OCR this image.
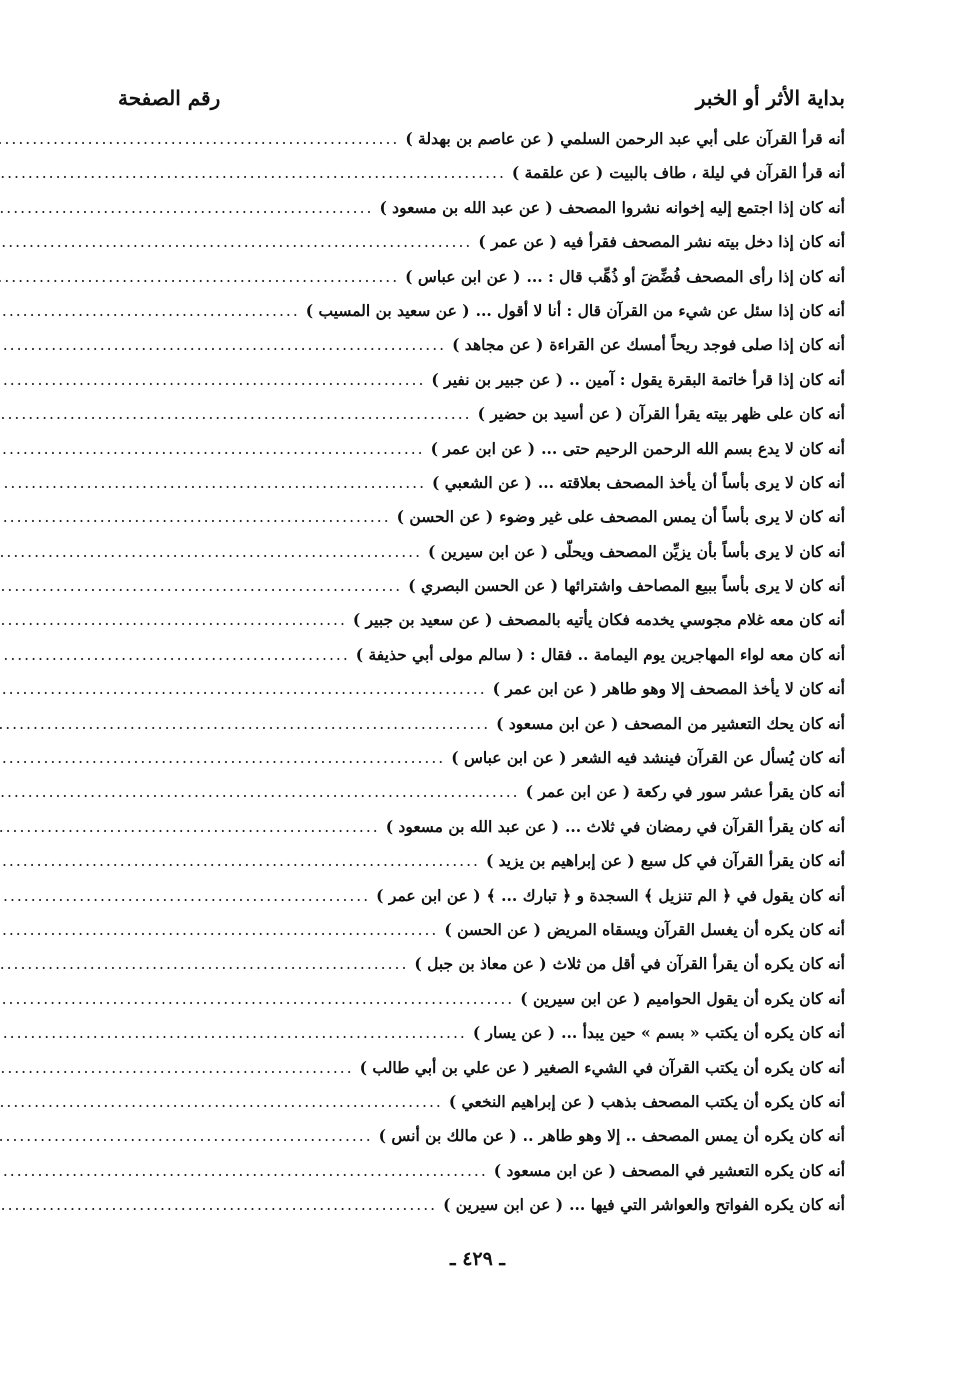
بداية الأثر أو الخبر
رقم الصفحة
أنه قرأ القرآن على أبي عبد الرحمن السلمي
( عن عاصم بن بهدلة )
.....
أنه قرأ القرآن في ليلة ، طاف بالبيت
( عن علقمة )
.....
أنه كان إذا اجتمع إليه إخوانه نشروا المصحف
( عن عبد الله بن مسعود )
.....
أنه كان إذا دخل بيته نشر المصحف فقرأ فيه
( عن عمر )
.....
أنه كان إذا رأى المصحف فُضِّضَ أو ذُهِّب قال : ...
( عن ابن عباس )
.....
أنه كان إذا سئل عن شيء من القرآن قال : أنا لا أقول ...
( عن سعيد بن المسيب )
.....
أنه كان إذا صلى فوجد ريحاً أمسك عن القراءة
( عن مجاهد )
.....
أنه كان إذا قرأ خاتمة البقرة يقول : آمين ..
( عن جبير بن نفير )
.....
أنه كان على ظهر بيته يقرأ القرآن
( عن أسيد بن حضير )
.....
أنه كان لا يدع بسم الله الرحمن الرحيم حتى ...
( عن ابن عمر )
.....
أنه كان لا يرى بأساً أن يأخذ المصحف بعلاقته ...
( عن الشعبي )
.....
أنه كان لا يرى بأساً أن يمس المصحف على غير وضوء
( عن الحسن )
.....
أنه كان لا يرى بأساً بأن يزيِّن المصحف ويحلّى
( عن ابن سيرين )
.....
أنه كان لا يرى بأساً ببيع المصاحف واشترائها
( عن الحسن البصري )
.....
أنه كان معه غلام مجوسي يخدمه فكان يأتيه بالمصحف
( عن سعيد بن جبير )
.....
أنه كان معه لواء المهاجرين يوم اليمامة .. فقال :
( سالم مولى أبي حذيفة )
.....
أنه كان لا يأخذ المصحف إلا وهو طاهر
( عن ابن عمر )
.....
أنه كان يحك التعشير من المصحف
( عن ابن مسعود )
.....
أنه كان يُسأل عن القرآن فينشد فيه الشعر
( عن ابن عباس )
.....
أنه كان يقرأ عشر سور في ركعة
( عن ابن عمر )
.....
أنه كان يقرأ القرآن في رمضان في ثلاث ...
( عن عبد الله بن مسعود )
.....
أنه كان يقرأ القرآن في كل سبع
( عن إبراهيم بن يزيد )
.....
أنه كان يقول في ﴿ الم تنزيل ﴾ السجدة و ﴿ تبارك ... ﴾
( عن ابن عمر )
.....
أنه كان يكره أن يغسل القرآن ويسقاه المريض
( عن الحسن )
.....
أنه كان يكره أن يقرأ القرآن في أقل من ثلاث
( عن معاذ بن جبل )
.....
أنه كان يكره أن يقول الحواميم
( عن ابن سيرين )
.....
أنه كان يكره أن يكتب « بسم » حين يبدأ ...
( عن يسار )
.....
أنه كان يكره أن يكتب القرآن في الشيء الصغير
( عن علي بن أبي طالب )
.....
أنه كان يكره أن يكتب المصحف بذهب
( عن إبراهيم النخعي )
.....
أنه كان يكره أن يمس المصحف .. إلا وهو طاهر ..
( عن مالك بن أنس )
.....
أنه كان يكره التعشير في المصحف
( عن ابن مسعود )
.....
أنه كان يكره الفواتح والعواشر التي فيها ...
( عن ابن سيرين )
.....
ـ ٤٢٩ ـ
